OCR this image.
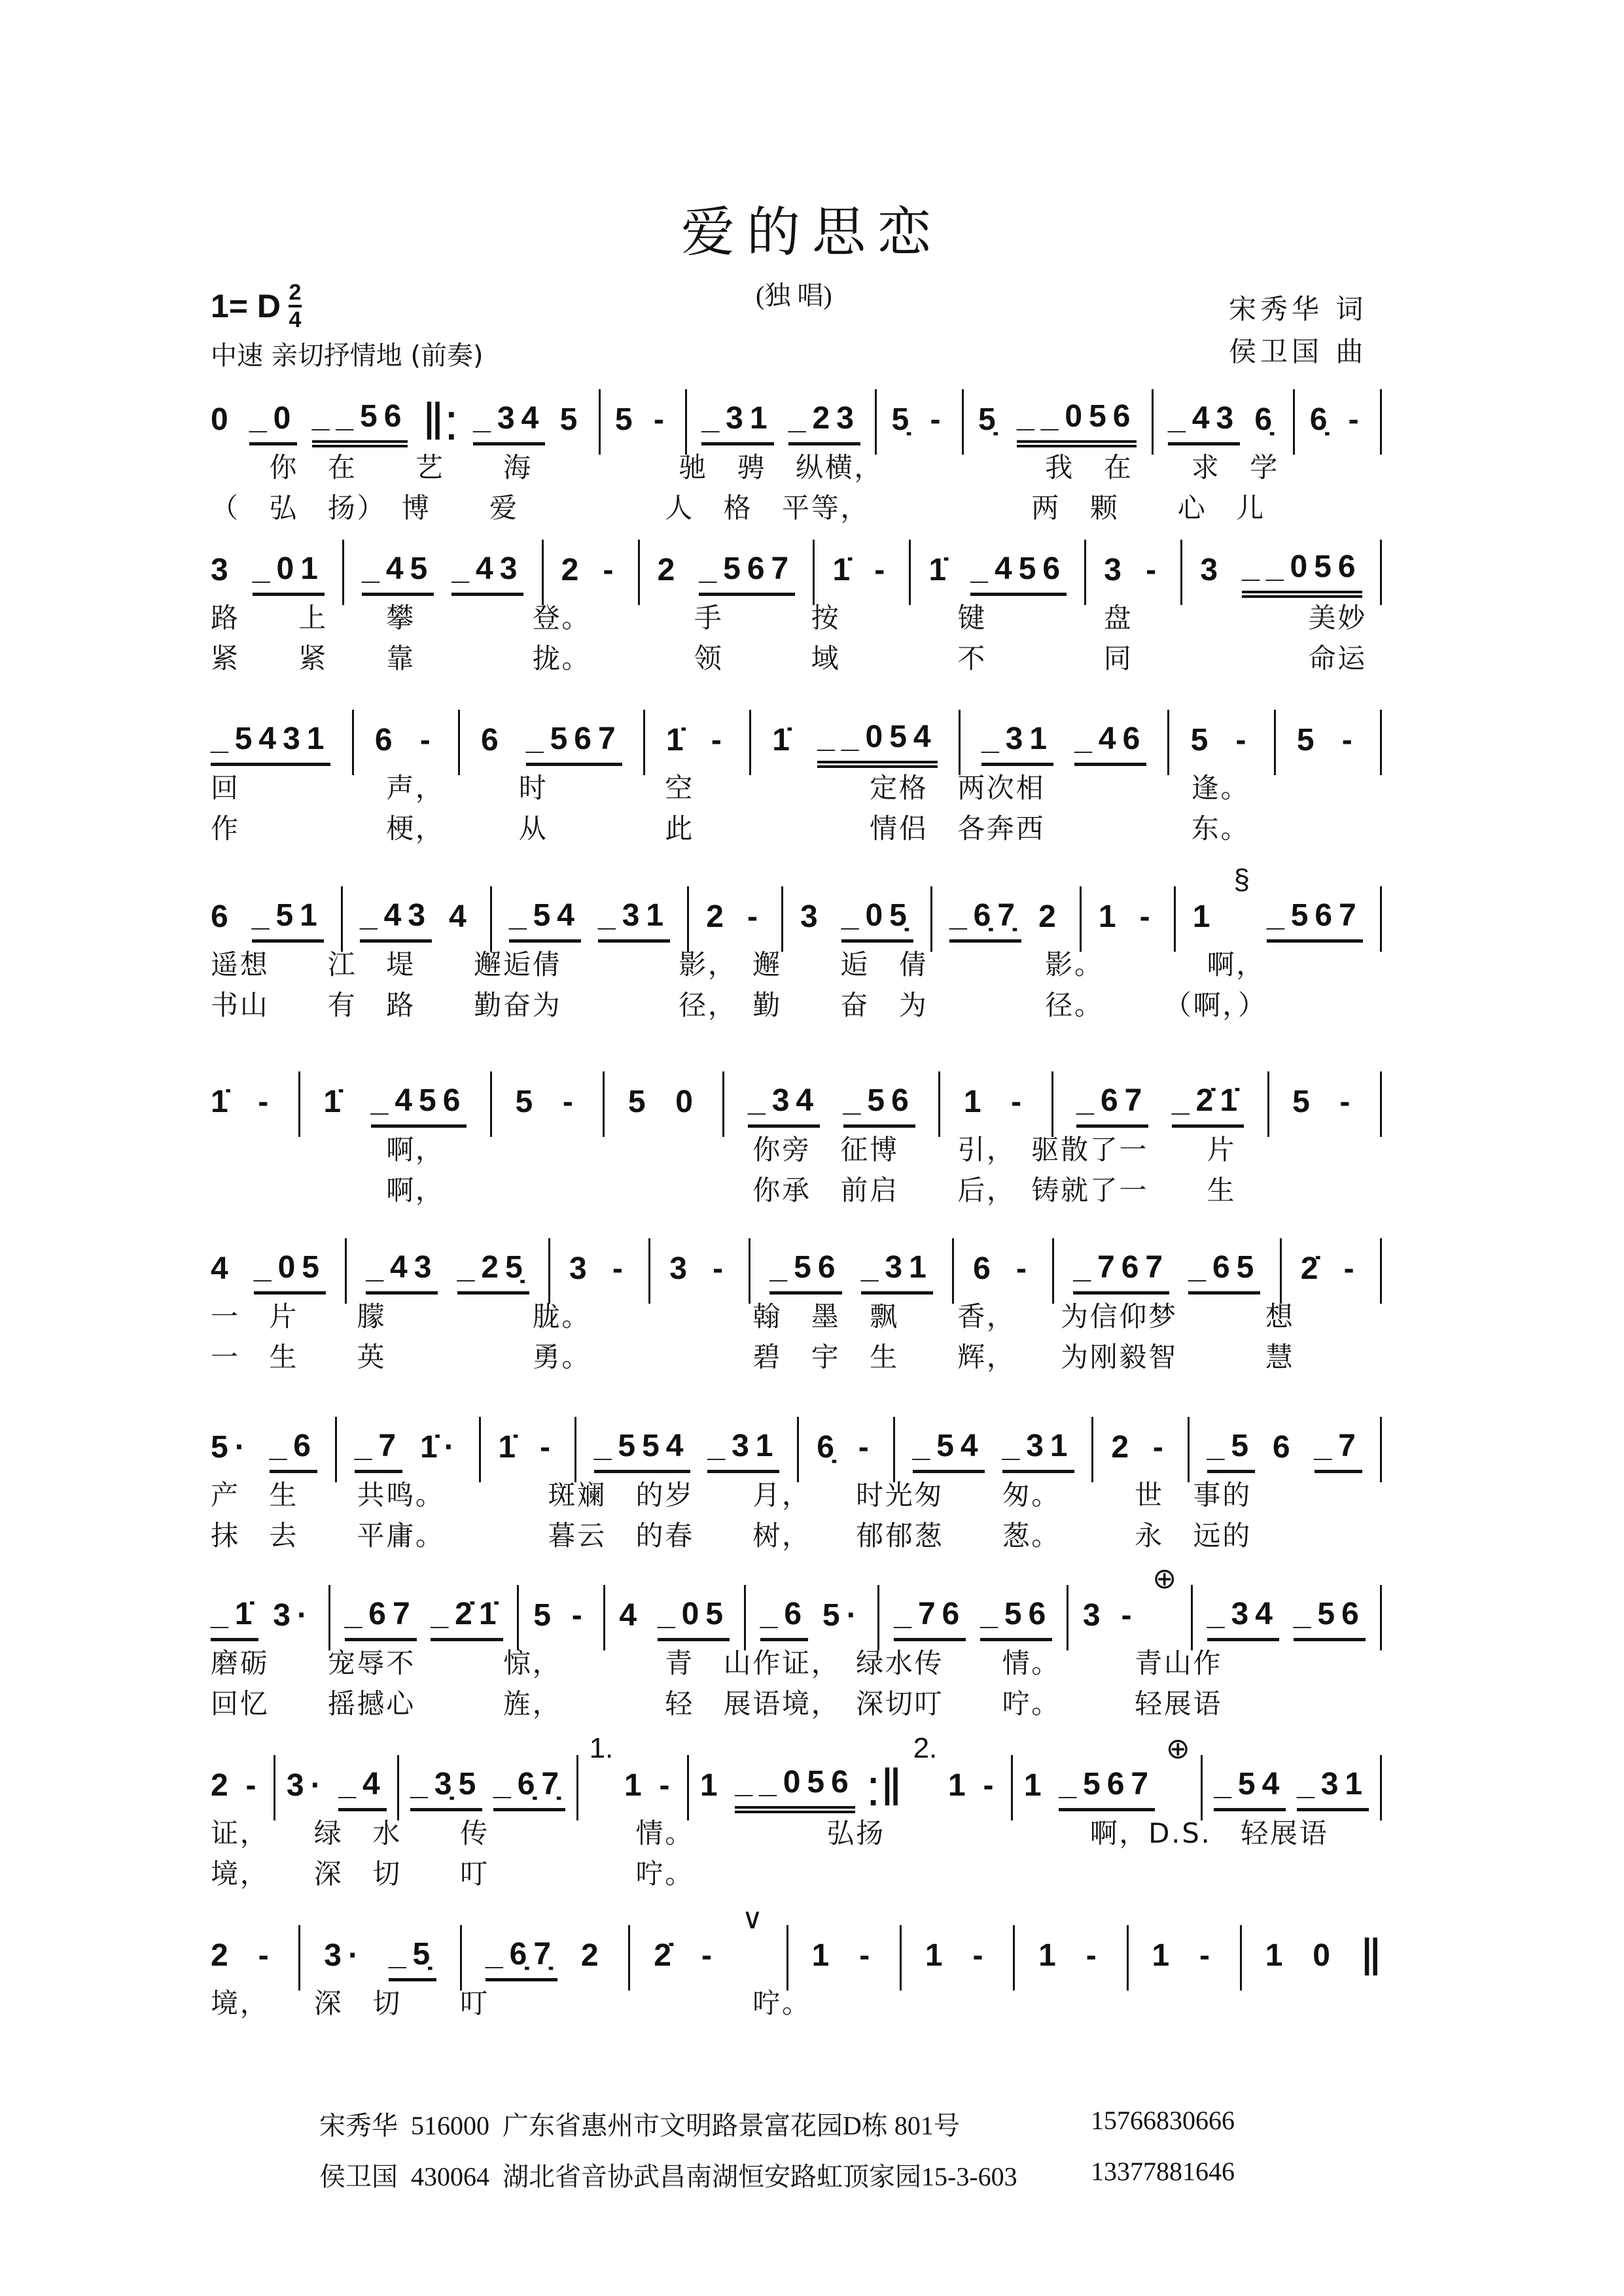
爱的思恋
(独 唱)
1= D $\frac{2}{4}$
中速 亲切抒情地 (前奏)
宋秀华 词
侯卫国 曲
0 _0 __56 ‖: _34 5 5 - _31 _23 5̣ - 5̣ __056 _43 6̣ 6̣ -
　　你　在　　艺　　海　　　　　驰　骋　纵横，　　　　　　我　在　　求　学
（　弘　扬）　博　　爱　　　　　人　格　平等，　　　　　　两　颗　　心　儿
3 _01 _45 _43 2 - 2 _567 1̇ - 1̇ _456 3 - 3 __056
路　　上　　攀　　　　登。　　　　手　　　按　　　　键　　　　盘　　　　　　美妙
紧　　紧　　靠　　　　拢。　　　　领　　　域　　　　不　　　　同　　　　　　命运
_5431 6 - 6 _567 1̇ - 1̇ __054 _31 _46 5 - 5 -
回　　　　　声，　　　时　　　　空　　　　　　定格　两次相　　　　　逢。
作　　　　　梗，　　　从　　　　此　　　　　　情侣　各奔西　　　　　东。
6 _51 _43 4 _54 _31 2 - 3 _05̣ _6̣7̣ 2 1 - 1
§
_567
遥想　　江　堤　　邂逅倩　　　　影，　邂　　逅　倩　　　　影。　　　　啊，
书山　　有　路　　勤奋为　　　　径，　勤　　奋　为　　　　径。　　　（啊，）
1̇ - 1̇ _456 5 - 5 0 _34 _56 1 - _67 _2̇1̇ 5 -
　　　　　　啊，　　　　　　　　　　　你旁　征博　　引，　驱散了一　　片
　　　　　　啊，　　　　　　　　　　　你承　前启　　后，　铸就了一　　生
4 _05 _43 _25̣ 3 - 3 - _56 _31 6 - _767 _65 2̇ -
一　片　　朦　　　　　胧。　　　　　　翰　墨　飘　　香，　　为信仰梦　　　想
一　生　　英　　　　　勇。　　　　　　碧　宇　生　　辉，　　为刚毅智　　　慧
5· _6 _7 1̇· 1̇ - _554 _31 6̣ - _54 _31 2 - _5 6 _7
产　生　　共鸣。　　　　斑斓　的岁　　月，　　时光匆　　匆。　　　世　事的
抹　去　　平庸。　　　　暮云　的春　　树，　　郁郁葱　　葱。　　　永　远的
_1̇ 3· _67 _2̇1̇ 5 - 4 _05 _6 5· _76 _56 3 -
⊕
_34 _56
磨砺　　宠辱不　　　惊，　　　　青　山作证，　绿水传　　情。　　　青山作
回忆　　摇撼心　　　旌，　　　　轻　展语境，　深切叮　　咛。　　　轻展语
2 - 3· _4 _3̣5 _6̣7̣
1.
1 - 1 __056 :‖
2.
1 - 1 _567
⊕
_54 _31
证，　　绿　水　　传　　　　　情。　　　　　弘扬　　　　　　　啊，D.S.　轻展语
境，　　深　切　　叮　　　　　咛。
2 - 3· _5̣ _6̣7̣ 2 2̇ -
∨
1 - 1 - 1 - 1 - 1 0 ‖
境，　　深　切　　叮　　　　　　　　　咛。
宋秀华  516000  广东省惠州市文明路景富花园D栋 801号	15766830666
侯卫国  430064  湖北省音协武昌南湖恒安路虹顶家园15-3-603	13377881646
